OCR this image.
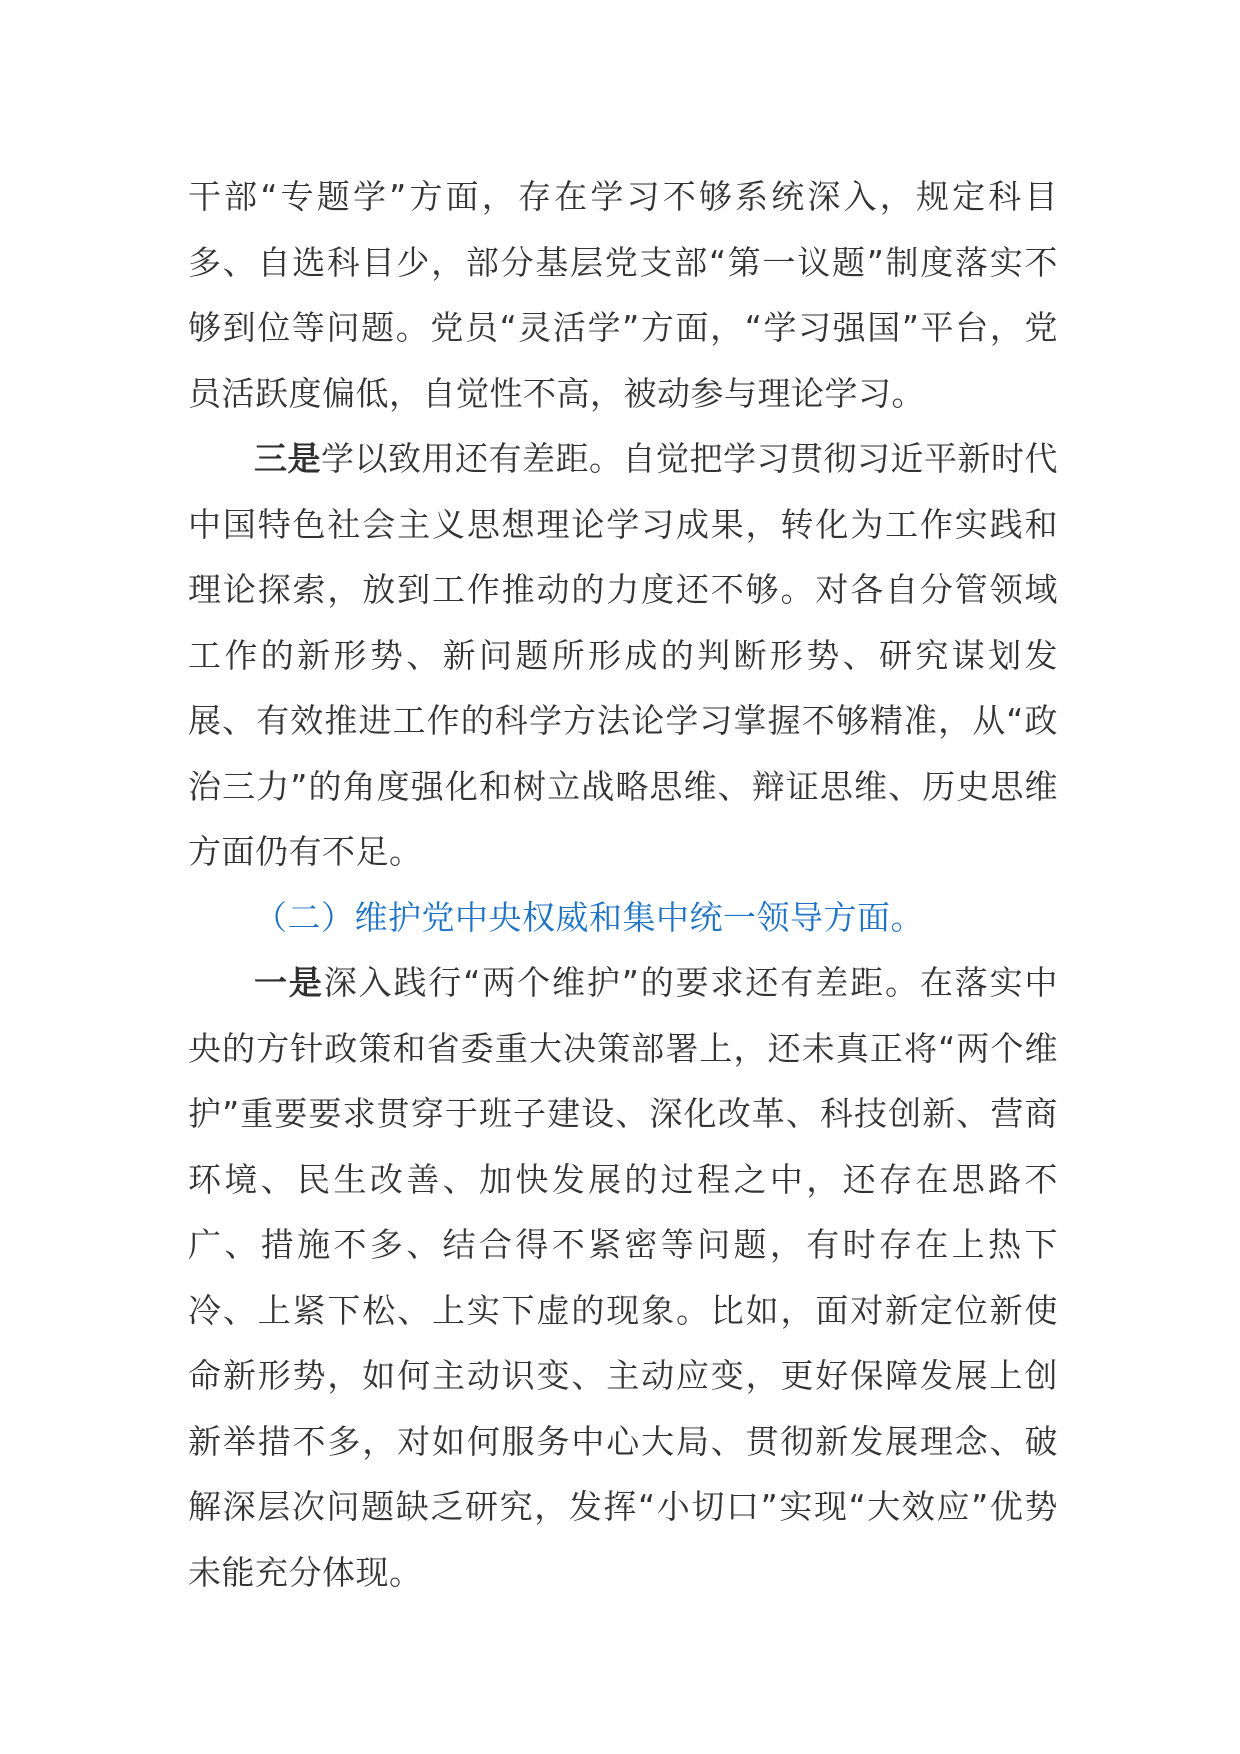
干部“专题学”方面，存在学习不够系统深入，规定科目多、自选科目少，部分基层党支部“第一议题”制度落实不够到位等问题。党员“灵活学”方面，“学习强国”平台，党员活跃度偏低，自觉性不高，被动参与理论学习。

三是学以致用还有差距。自觉把学习贯彻习近平新时代中国特色社会主义思想理论学习成果，转化为工作实践和理论探索，放到工作推动的力度还不够。对各自分管领域工作的新形势、新问题所形成的判断形势、研究谋划发展、有效推进工作的科学方法论学习掌握不够精准，从“政治三力”的角度强化和树立战略思维、辩证思维、历史思维方面仍有不足。

（二）维护党中央权威和集中统一领导方面。

一是深入践行“两个维护”的要求还有差距。在落实中央的方针政策和省委重大决策部署上，还未真正将“两个维护”重要要求贯穿于班子建设、深化改革、科技创新、营商环境、民生改善、加快发展的过程之中，还存在思路不广、措施不多、结合得不紧密等问题，有时存在上热下冷、上紧下松、上实下虚的现象。比如，面对新定位新使命新形势，如何主动识变、主动应变，更好保障发展上创新举措不多，对如何服务中心大局、贯彻新发展理念、破解深层次问题缺乏研究，发挥“小切口”实现“大效应”优势未能充分体现。
